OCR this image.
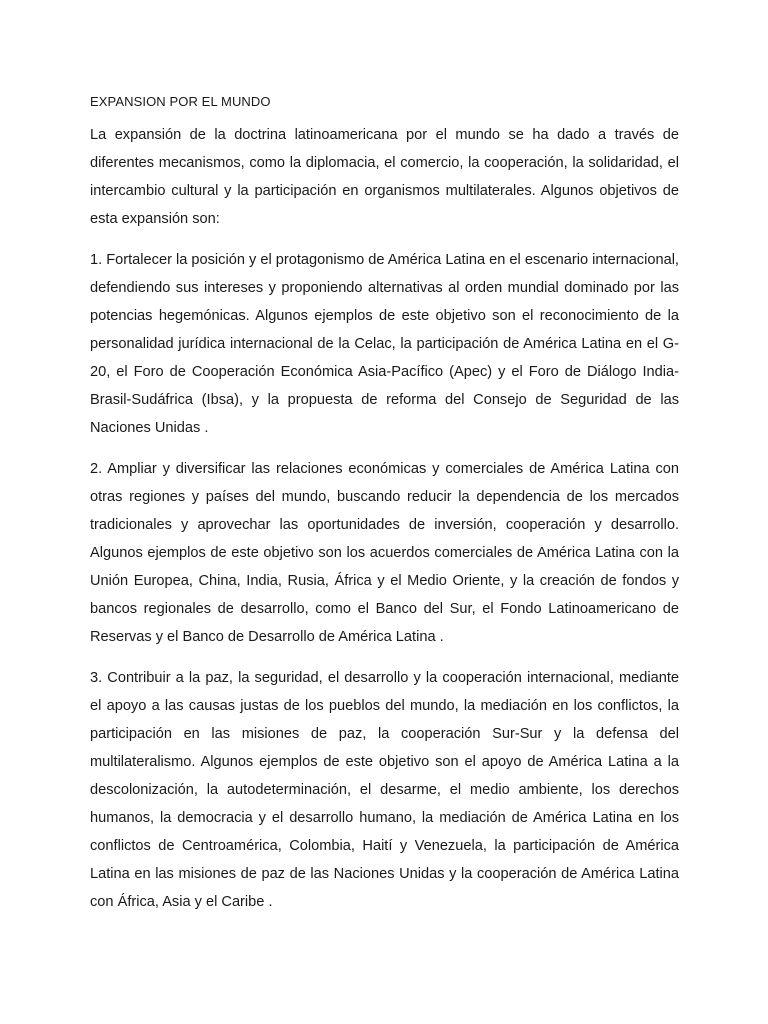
EXPANSION POR EL MUNDO

La expansión de la doctrina latinoamericana por el mundo se ha dado a través de diferentes mecanismos, como la diplomacia, el comercio, la cooperación, la solidaridad, el intercambio cultural y la participación en organismos multilaterales. Algunos objetivos de esta expansión son:

1. Fortalecer la posición y el protagonismo de América Latina en el escenario internacional, defendiendo sus intereses y proponiendo alternativas al orden mundial dominado por las potencias hegemónicas. Algunos ejemplos de este objetivo son el reconocimiento de la personalidad jurídica internacional de la Celac, la participación de América Latina en el G-20, el Foro de Cooperación Económica Asia-Pacífico (Apec) y el Foro de Diálogo India-Brasil-Sudáfrica (Ibsa), y la propuesta de reforma del Consejo de Seguridad de las Naciones Unidas .

2. Ampliar y diversificar las relaciones económicas y comerciales de América Latina con otras regiones y países del mundo, buscando reducir la dependencia de los mercados tradicionales y aprovechar las oportunidades de inversión, cooperación y desarrollo. Algunos ejemplos de este objetivo son los acuerdos comerciales de América Latina con la Unión Europea, China, India, Rusia, África y el Medio Oriente, y la creación de fondos y bancos regionales de desarrollo, como el Banco del Sur, el Fondo Latinoamericano de Reservas y el Banco de Desarrollo de América Latina .

3. Contribuir a la paz, la seguridad, el desarrollo y la cooperación internacional, mediante el apoyo a las causas justas de los pueblos del mundo, la mediación en los conflictos, la participación en las misiones de paz, la cooperación Sur-Sur y la defensa del multilateralismo. Algunos ejemplos de este objetivo son el apoyo de América Latina a la descolonización, la autodeterminación, el desarme, el medio ambiente, los derechos humanos, la democracia y el desarrollo humano, la mediación de América Latina en los conflictos de Centroamérica, Colombia, Haití y Venezuela, la participación de América Latina en las misiones de paz de las Naciones Unidas y la cooperación de América Latina con África, Asia y el Caribe .
